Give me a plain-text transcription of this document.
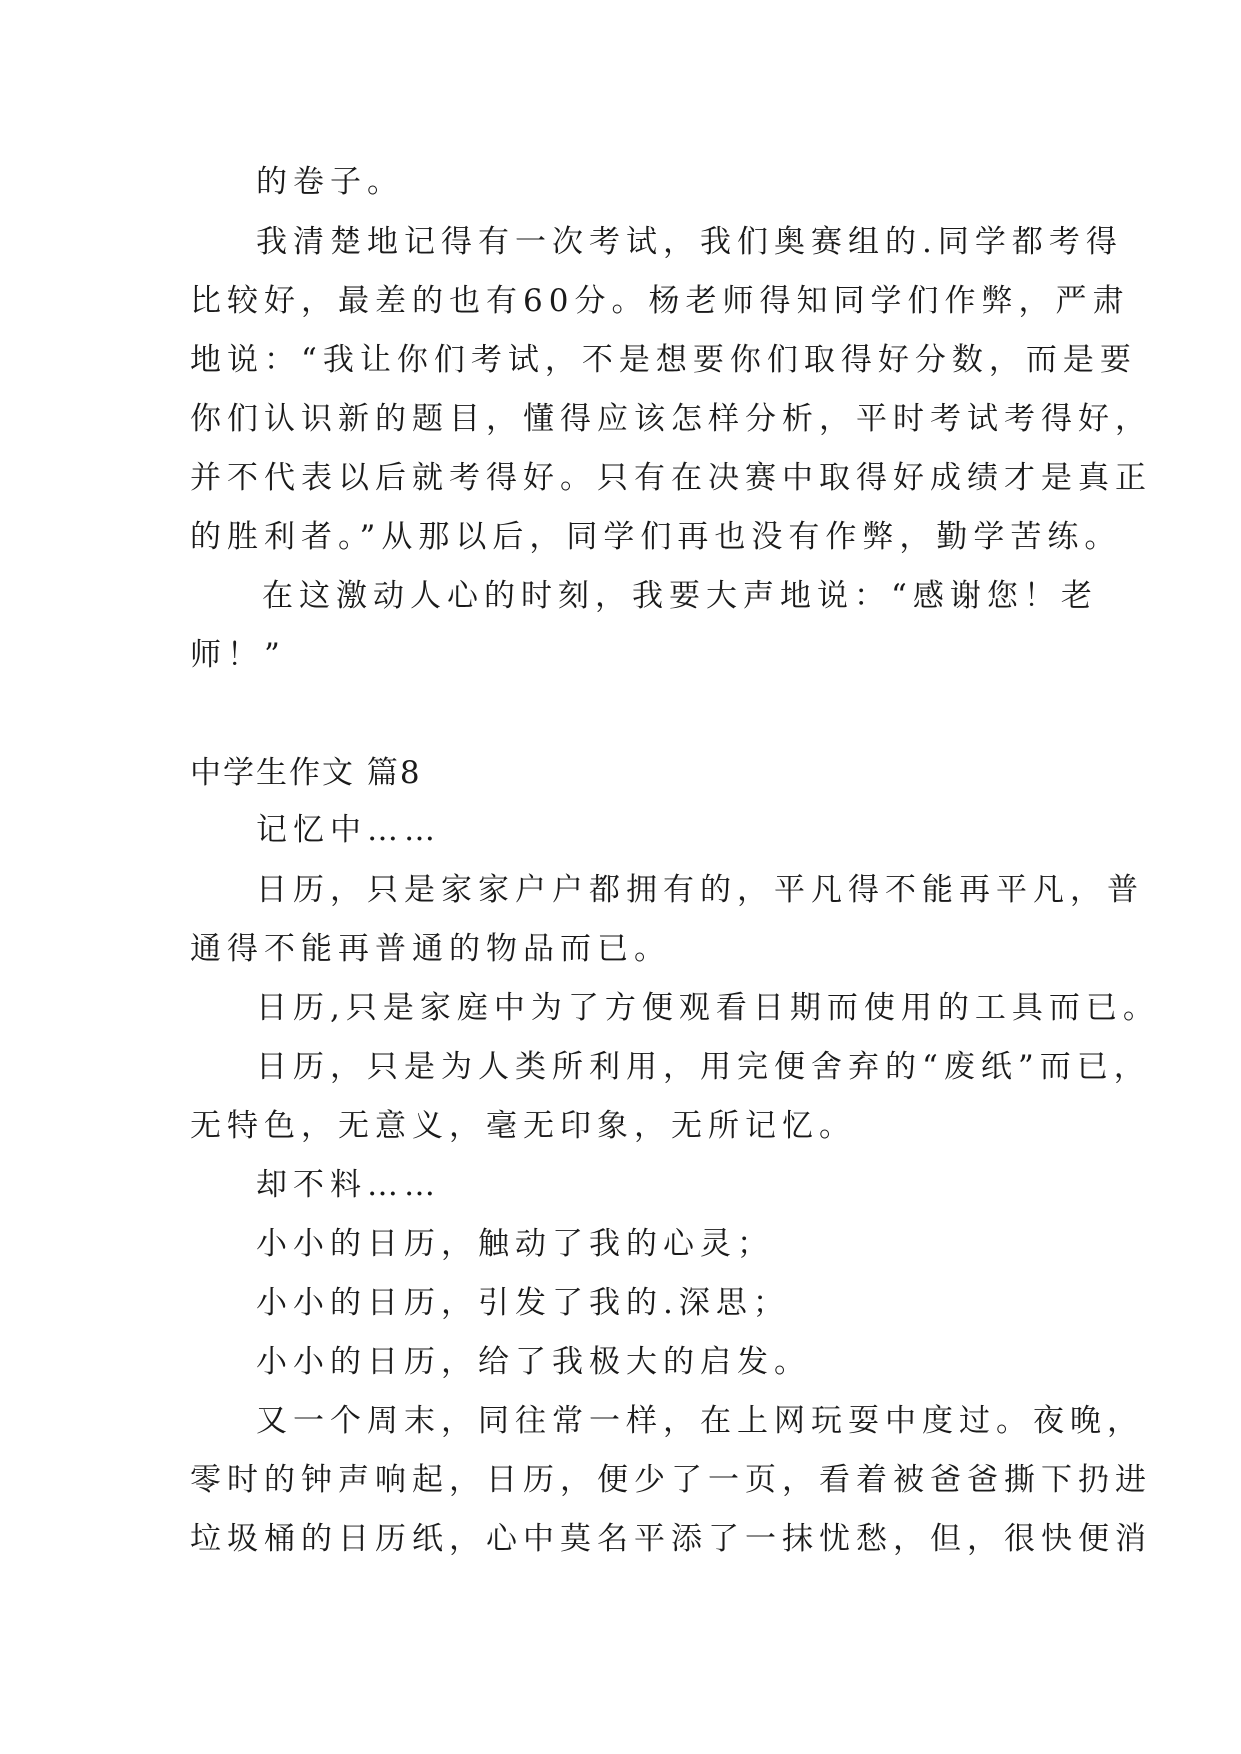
的卷子。
我清楚地记得有一次考试，我们奥赛组的.同学都考得
比较好，最差的也有60分。杨老师得知同学们作弊，严肃
地说：“我让你们考试，不是想要你们取得好分数，而是要
你们认识新的题目，懂得应该怎样分析，平时考试考得好，
并不代表以后就考得好。只有在决赛中取得好成绩才是真正
的胜利者。”从那以后，同学们再也没有作弊，勤学苦练。
在这激动人心的时刻，我要大声地说：“感谢您！老
师！”
中学生作文 篇8
记忆中……
日历，只是家家户户都拥有的，平凡得不能再平凡，普
通得不能再普通的物品而已。
日历,只是家庭中为了方便观看日期而使用的工具而已。
日历，只是为人类所利用，用完便舍弃的“废纸”而已，
无特色，无意义，毫无印象，无所记忆。
却不料……
小小的日历，触动了我的心灵；
小小的日历，引发了我的.深思；
小小的日历，给了我极大的启发。
又一个周末，同往常一样，在上网玩耍中度过。夜晚，
零时的钟声响起，日历，便少了一页，看着被爸爸撕下扔进
垃圾桶的日历纸，心中莫名平添了一抹忧愁，但，很快便消
